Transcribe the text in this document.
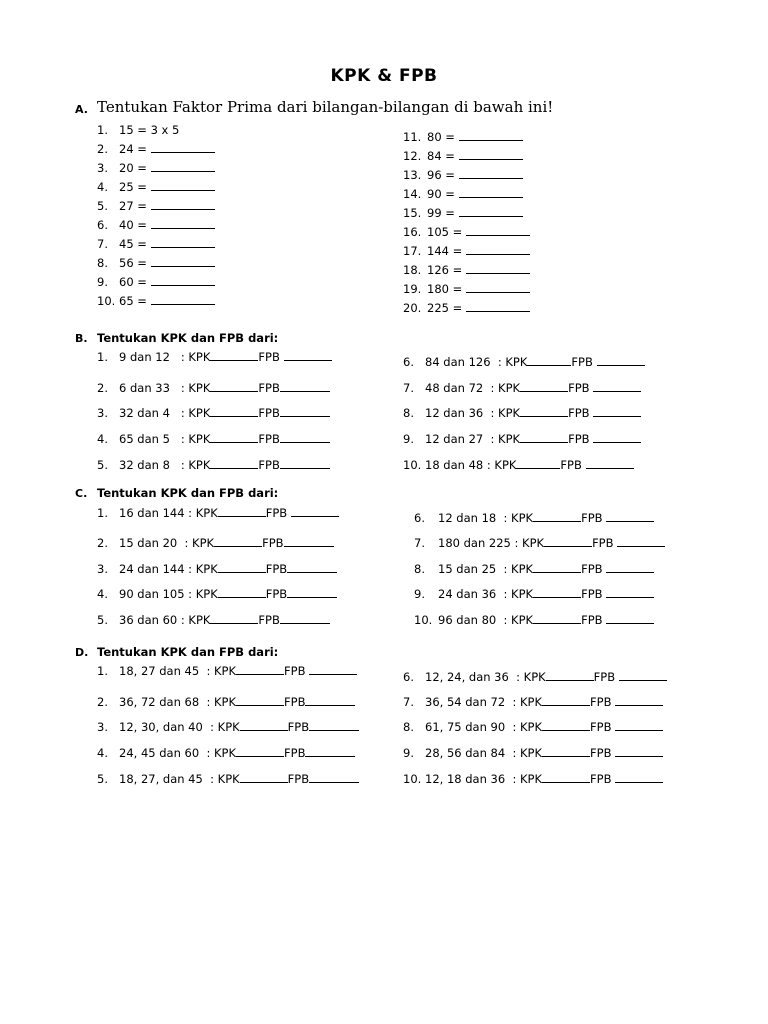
KPK & FPB
A. Tentukan Faktor Prima dari bilangan-bilangan di bawah ini!
1. 15 = 3 x 5
2. 24 =
3. 20 =
4. 25 =
5. 27 =
6. 40 =
7. 45 =
8. 56 =
9. 60 =
10. 65 =
11. 80 =
12. 84 =
13. 96 =
14. 90 =
15. 99 =
16. 105 =
17. 144 =
18. 126 =
19. 180 =
20. 225 =
B. Tentukan KPK dan FPB dari:
1. 9 dan 12   : KPK	FPB
2. 6 dan 33   : KPK	FPB
3. 32 dan 4   : KPK	FPB
4. 65 dan 5   : KPK	FPB
5. 32 dan 8   : KPK	FPB
6. 84 dan 126  : KPK	FPB
7. 48 dan 72  : KPK	FPB
8. 12 dan 36  : KPK	FPB
9. 12 dan 27  : KPK	FPB
10. 18 dan 48 : KPK	FPB
C. Tentukan KPK dan FPB dari:
1. 16 dan 144 : KPK	FPB
2. 15 dan 20  : KPK	FPB
3. 24 dan 144 : KPK	FPB
4. 90 dan 105 : KPK	FPB
5. 36 dan 60 : KPK	FPB
6. 12 dan 18  : KPK	FPB
7. 180 dan 225 : KPK	FPB
8. 15 dan 25  : KPK	FPB
9. 24 dan 36  : KPK	FPB
10. 96 dan 80  : KPK	FPB
D. Tentukan KPK dan FPB dari:
1. 18, 27 dan 45  : KPK	FPB
2. 36, 72 dan 68  : KPK	FPB
3. 12, 30, dan 40  : KPK	FPB
4. 24, 45 dan 60  : KPK	FPB
5. 18, 27, dan 45  : KPK	FPB
6. 12, 24, dan 36  : KPK	FPB
7. 36, 54 dan 72  : KPK	FPB
8. 61, 75 dan 90  : KPK	FPB
9. 28, 56 dan 84  : KPK	FPB
10. 12, 18 dan 36  : KPK	FPB
